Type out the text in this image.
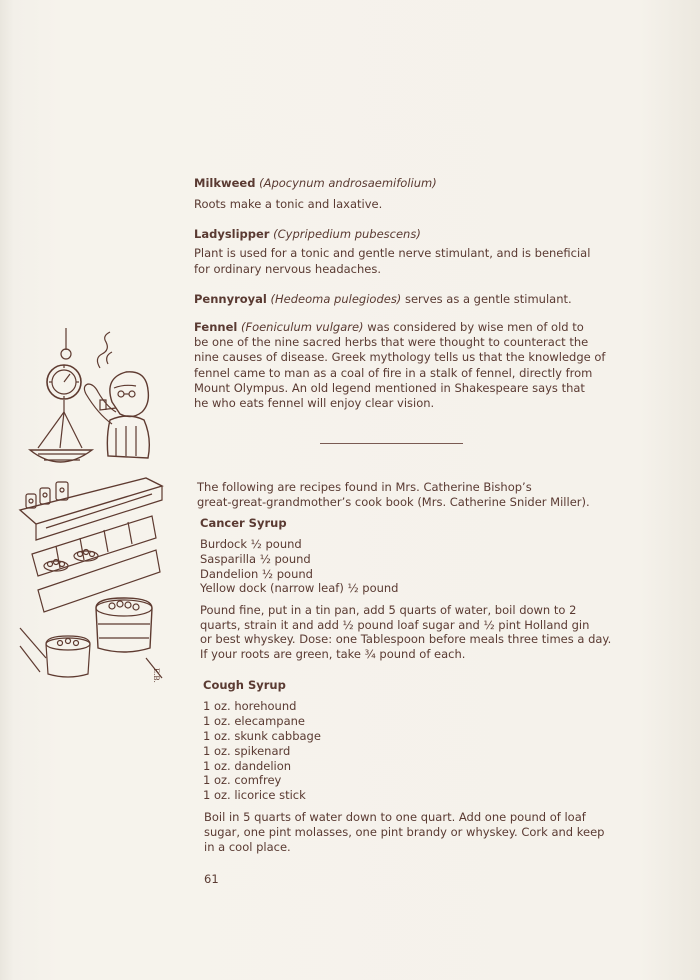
Milkweed (Apocynum androsaemifolium)

Roots make a tonic and laxative.

Ladyslipper (Cypripedium pubescens)

Plant is used for a tonic and gentle nerve stimulant, and is beneficial

for ordinary nervous headaches.

Pennyroyal (Hedeoma pulegiodes) serves as a gentle stimulant.

Fennel (Foeniculum vulgare) was considered by wise men of old to

be one of the nine sacred herbs that were thought to counteract the

nine causes of disease. Greek mythology tells us that the knowledge of

fennel came to man as a coal of fire in a stalk of fennel, directly from

Mount Olympus. An old legend mentioned in Shakespeare says that

he who eats fennel will enjoy clear vision.

The following are recipes found in Mrs. Catherine Bishop’s

great-great-grandmother’s cook book (Mrs. Catherine Snider Miller).

Cancer Syrup

Burdock ½ pound

Sasparilla ½ pound

Dandelion ½ pound

Yellow dock (narrow leaf) ½ pound

Pound fine, put in a tin pan, add 5 quarts of water, boil down to 2

quarts, strain it and add ½ pound loaf sugar and ½ pint Holland gin

or best whyskey. Dose: one Tablespoon before meals three times a day.

If your roots are green, take ¾ pound of each.

Cough Syrup

1 oz. horehound

1 oz. elecampane

1 oz. skunk cabbage

1 oz. spikenard

1 oz. dandelion

1 oz. comfrey

1 oz. licorice stick

Boil in 5 quarts of water down to one quart. Add one pound of loaf

sugar, one pint molasses, one pint brandy or whyskey. Cork and keep

in a cool place.

61

E.B.
